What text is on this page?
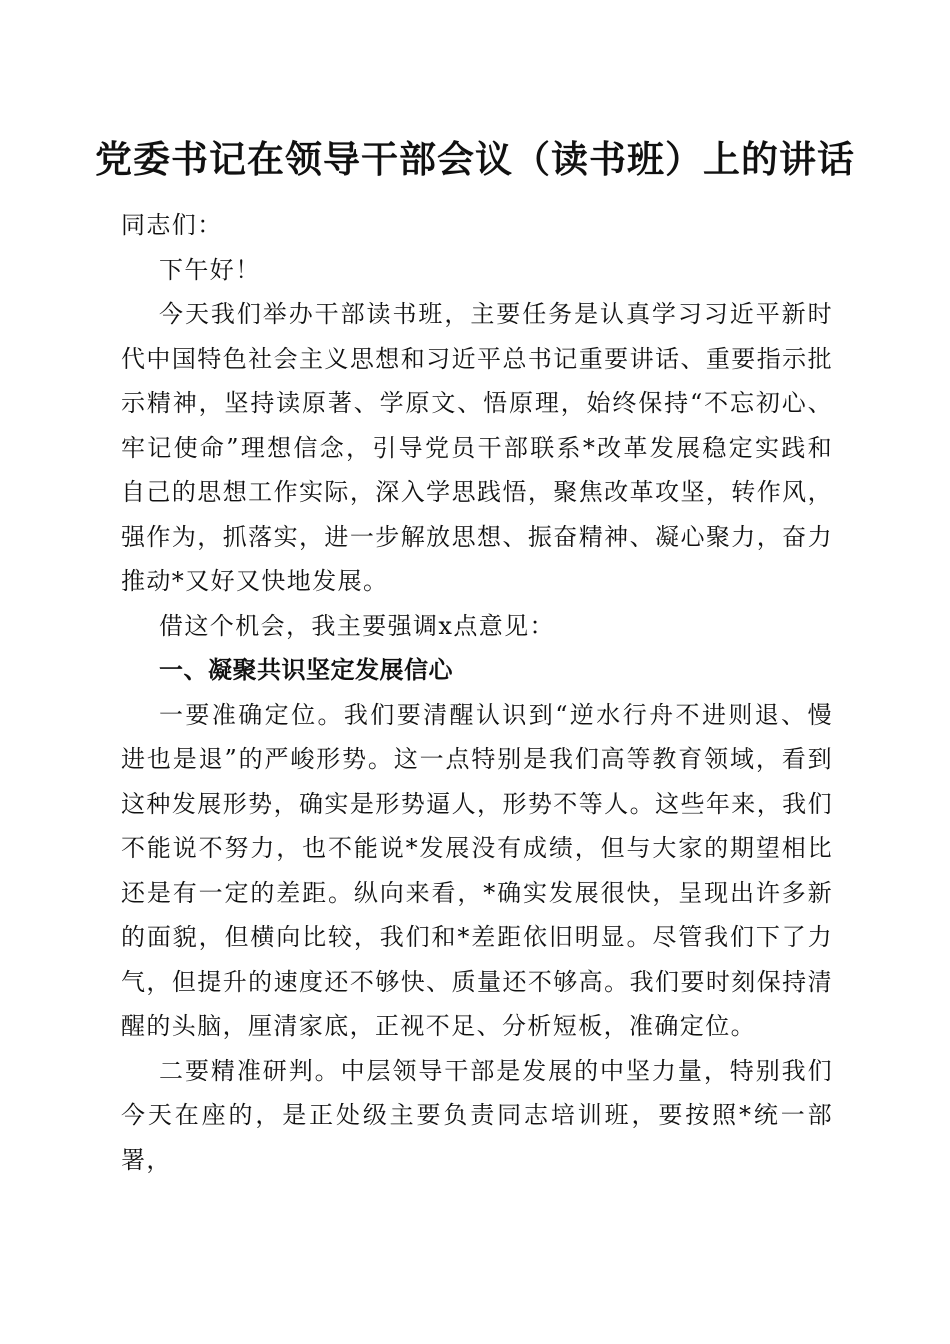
党委书记在领导干部会议（读书班）上的讲话

同志们：

下午好！

今天我们举办干部读书班，主要任务是认真学习习近平新时代中国特色社会主义思想和习近平总书记重要讲话、重要指示批示精神，坚持读原著、学原文、悟原理，始终保持“不忘初心、牢记使命”理想信念，引导党员干部联系*改革发展稳定实践和自己的思想工作实际，深入学思践悟，聚焦改革攻坚，转作风，强作为，抓落实，进一步解放思想、振奋精神、凝心聚力，奋力推动*又好又快地发展。

借这个机会，我主要强调x点意见：

一、凝聚共识坚定发展信心

一要准确定位。我们要清醒认识到“逆水行舟不进则退、慢进也是退”的严峻形势。这一点特别是我们高等教育领域，看到这种发展形势，确实是形势逼人，形势不等人。这些年来，我们不能说不努力，也不能说*发展没有成绩，但与大家的期望相比还是有一定的差距。纵向来看，*确实发展很快，呈现出许多新的面貌，但横向比较，我们和*差距依旧明显。尽管我们下了力气，但提升的速度还不够快、质量还不够高。我们要时刻保持清醒的头脑，厘清家底，正视不足、分析短板，准确定位。

二要精准研判。中层领导干部是发展的中坚力量，特别我们今天在座的，是正处级主要负责同志培训班，要按照*统一部署，
